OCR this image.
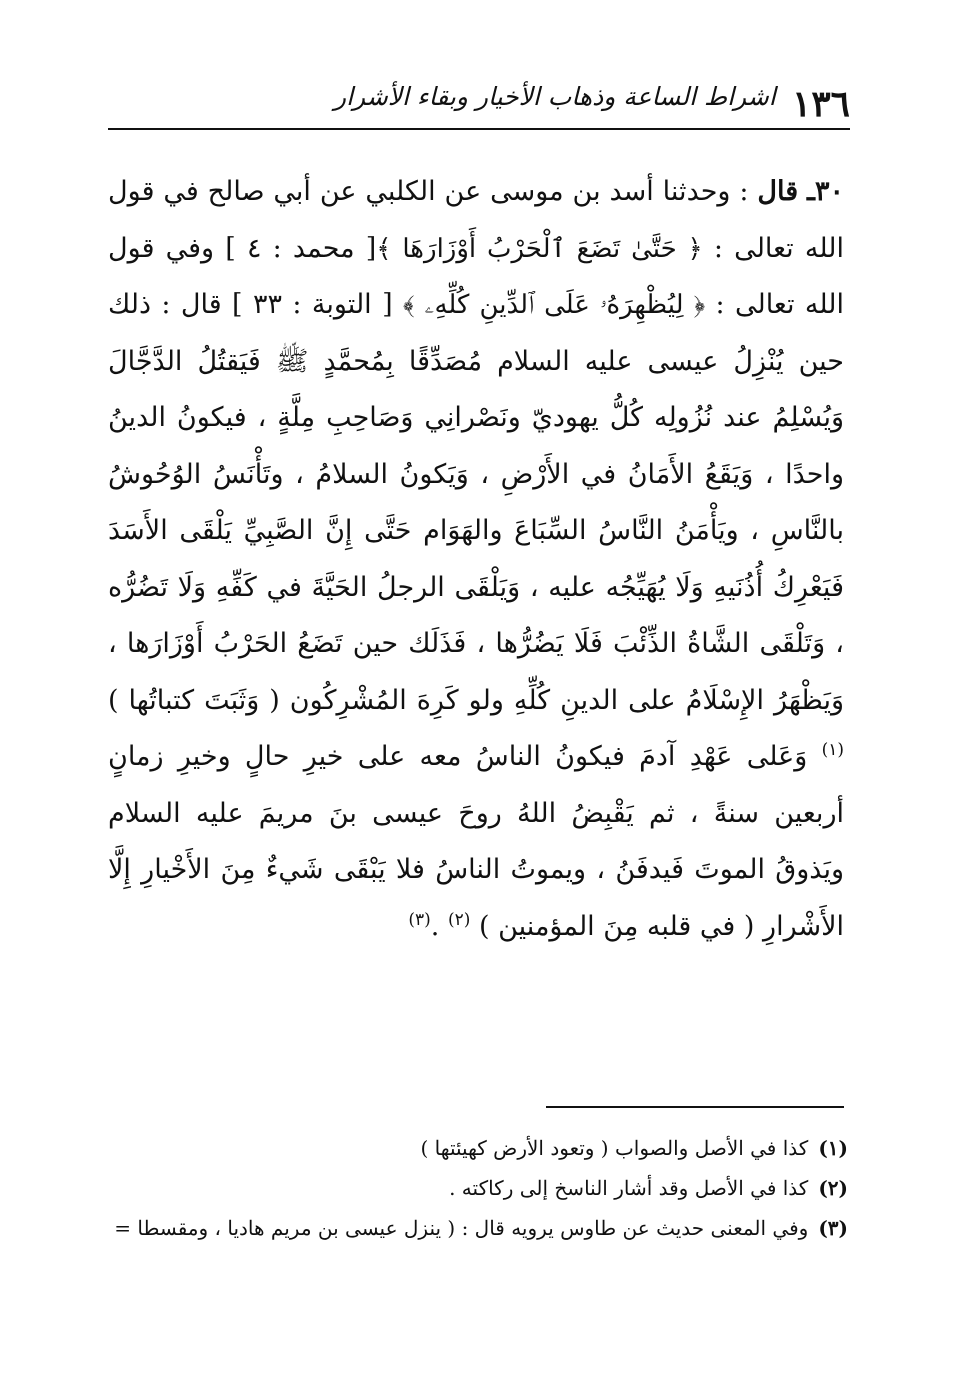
١٣٦
اشراط الساعة وذهاب الأخيار وبقاء الأشرار
٣٠ـ قال : وحدثنا أسد بن موسى عن الكلبي عن أبي صالح في قول الله تعالى : ﴿ حَتَّىٰ تَضَعَ ٱلْحَرْبُ أَوْزَارَهَا ﴾[ محمد : ٤ ] وفي قول الله تعالى : ﴿ لِيُظْهِرَهُۥ عَلَى ٱلدِّينِ كُلِّهِۦ ﴾ [ التوبة : ٣٣ ] قال : ذلك حين يُنْزِلُ عيسى عليه السلام مُصَدِّقًا بِمُحمَّدٍ ﷺ فَيَقتُلُ الدَّجَّالَ وَيُسْلِمُ عند نُزُولِه كُلُّ يهوديّ ونَصْرانِي وَصَاحِبِ مِلَّةٍ ، فيكونُ الدينُ واحدًا ، وَيَقَعُ الأَمَانُ في الأَرْضِ ، وَيَكونُ السلامُ ، وتَأْنَسُ الوُحُوشُ بالنَّاسِ ، ويَأْمَنُ النَّاسُ السِّبَاعَ والهَوَام حَتَّى إِنَّ الصَّبِيِّ يَلْقَى الأَسَدَ فَيَعْرِكُ أُذُنَيهِ وَلَا يُهَيِّجُه عليه ، وَيَلْقَى الرجلُ الحَيَّةَ في كَفِّهِ وَلَا تَضُرُّه ، وَتَلْقَى الشَّاةُ الذِّئْبَ فَلَا يَضُرُّها ، فَذَلَك حين تَضَعُ الحَرْبُ أَوْزَارَها ، وَيَظْهَرُ الإِسْلَامُ على الدينِ كُلِّهِ ولو كَرِهَ المُشْرِكُون ( وَثَبَتَ كتباتُها ) $^{(١)}$ وَعَلى عَهْدِ آدمَ فيكونُ الناسُ معه على خيرِ حالٍ وخيرِ زمانٍ أربعين سنةً ، ثم يَقْبِضُ اللهُ روحَ عيسى بنَ مريمَ عليه السلام ويَذوقُ الموتَ فَيدفَنُ ، ويموتُ الناسُ فلا يَبْقَى شَيءٌ مِنَ الأَخْيارِ إِلَّا الأَشْرارِ ( في قلبه مِنَ المؤمنين ) $^{(٢)}$ .$^{(٣)}$
(١)كذا في الأصل والصواب ( وتعود الأرض كهيئتها )
(٢)كذا في الأصل وقد أشار الناسخ إلى ركاكته .
(٣)وفي المعنى حديث عن طاوس يرويه قال : ( ينزل عيسى بن مريم هاديا ، ومقسطا =
